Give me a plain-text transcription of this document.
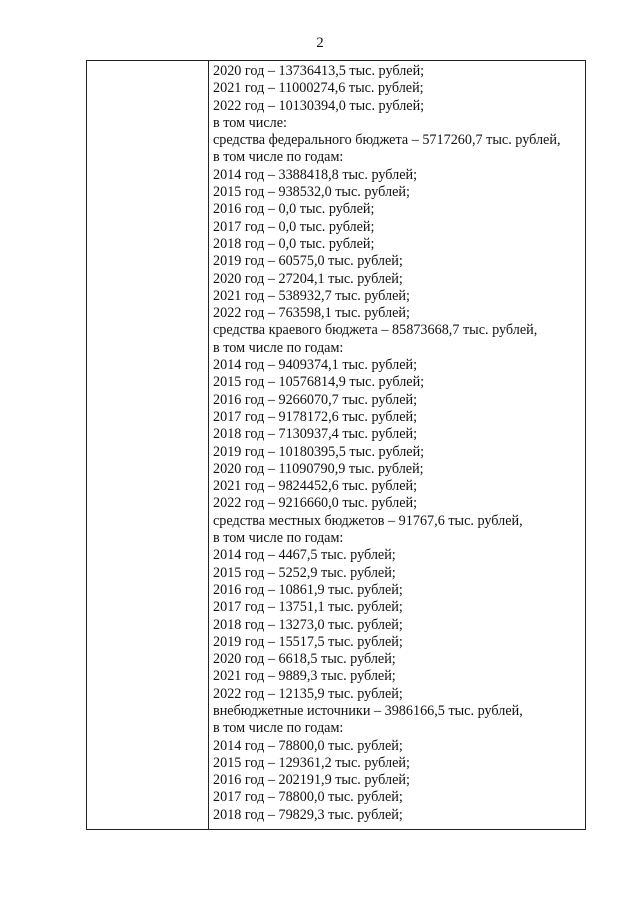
2
2020 год – 13736413,5 тыс. рублей;
2021 год – 11000274,6 тыс. рублей;
2022 год – 10130394,0 тыс. рублей;
в том числе:
средства федерального бюджета – 5717260,7 тыс. рублей,
в том числе по годам:
2014 год – 3388418,8 тыс. рублей;
2015 год – 938532,0 тыс. рублей;
2016 год – 0,0 тыс. рублей;
2017 год – 0,0 тыс. рублей;
2018 год – 0,0 тыс. рублей;
2019 год – 60575,0 тыс. рублей;
2020 год – 27204,1 тыс. рублей;
2021 год – 538932,7 тыс. рублей;
2022 год – 763598,1 тыс. рублей;
средства краевого бюджета – 85873668,7 тыс. рублей,
в том числе по годам:
2014 год – 9409374,1 тыс. рублей;
2015 год – 10576814,9 тыс. рублей;
2016 год – 9266070,7 тыс. рублей;
2017 год – 9178172,6 тыс. рублей;
2018 год – 7130937,4 тыс. рублей;
2019 год – 10180395,5 тыс. рублей;
2020 год – 11090790,9 тыс. рублей;
2021 год – 9824452,6 тыс. рублей;
2022 год – 9216660,0 тыс. рублей;
средства местных бюджетов – 91767,6 тыс. рублей,
в том числе по годам:
2014 год – 4467,5 тыс. рублей;
2015 год – 5252,9 тыс. рублей;
2016 год – 10861,9 тыс. рублей;
2017 год – 13751,1 тыс. рублей;
2018 год – 13273,0 тыс. рублей;
2019 год – 15517,5 тыс. рублей;
2020 год – 6618,5 тыс. рублей;
2021 год – 9889,3 тыс. рублей;
2022 год – 12135,9 тыс. рублей;
внебюджетные источники – 3986166,5 тыс. рублей,
в том числе по годам:
2014 год – 78800,0 тыс. рублей;
2015 год – 129361,2 тыс. рублей;
2016 год – 202191,9 тыс. рублей;
2017 год – 78800,0 тыс. рублей;
2018 год – 79829,3 тыс. рублей;
